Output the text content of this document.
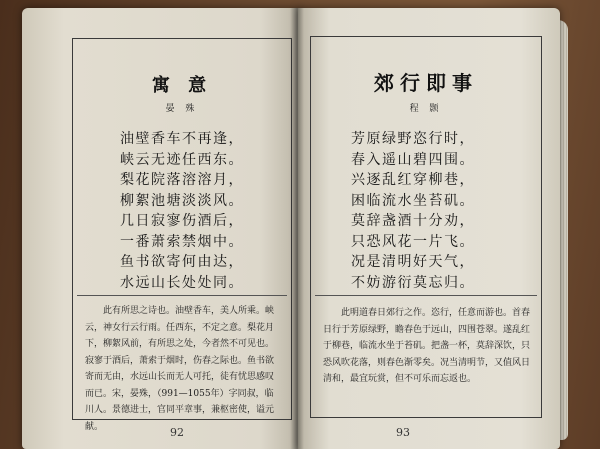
寓 意
晏 殊
油壁香车不再逢，
峡云无迹任西东。
梨花院落溶溶月，
柳絮池塘淡淡风。
几日寂寥伤酒后，
一番萧索禁烟中。
鱼书欲寄何由达，
水远山长处处同。
此有所思之诗也。油壁香车，美人所乘。峡云，神女行云行雨。任西东，不定之意。梨花月下，柳絮风前，有所思之处，今者然不可见也。寂寥于酒后，萧索于烟时，伤春之际也。鱼书欲寄而无由，水远山长而无人可托，徒有忧思感叹而已。宋，晏殊，（991—1055年）字同叔，临川人。景德进士，官同平章事，兼枢密使，谥元献。	92
郊行即事
程 颢
芳原绿野恣行时，
春入遥山碧四围。
兴逐乱红穿柳巷，
困临流水坐苔矶。
莫辞盏酒十分劝，
只恐风花一片飞。
况是清明好天气，
不妨游衍莫忘归。
此明道春日郊行之作。恣行，任意而游也。首春日行于芳原绿野，瞻春色于远山，四围苍翠。遂乱红于柳巷，临流水坐于苔矶。把盏一杯，莫辞深饮，只恐风吹花落，则春色渐零矣。况当清明节，又值风日清和，最宜玩赏，但不可乐而忘返也。
93
